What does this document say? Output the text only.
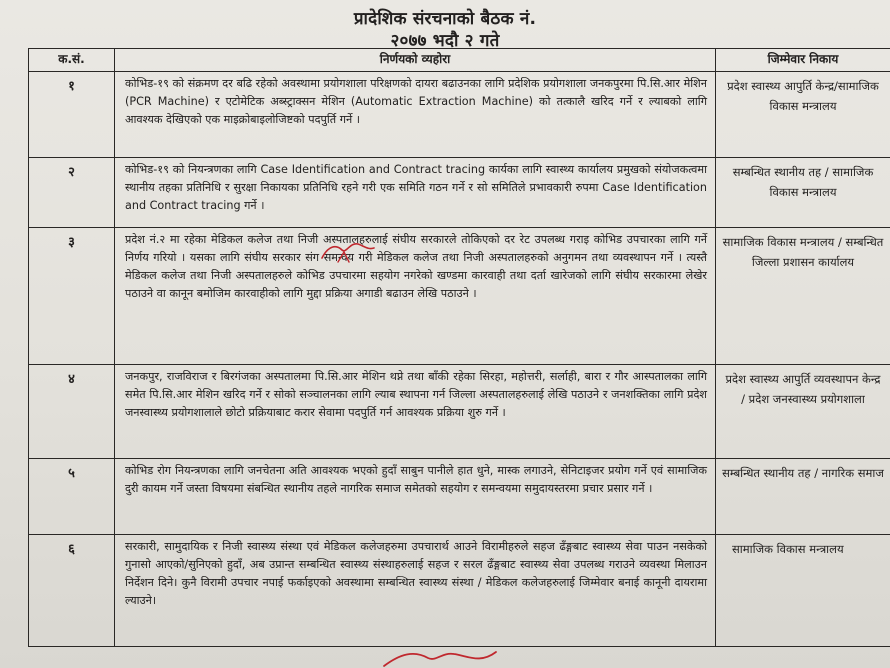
प्रादेशिक संरचनाको बैठक नं.
२०७७ भदौ २ गते
क.सं.	निर्णयको व्यहोरा	जिम्मेवार निकाय
१	कोभिड-१९ को संक्रमण दर बढि रहेको अवस्थामा प्रयोगशाला परिक्षणको दायरा बढाउनका लागि प्रदेशिक प्रयोगशाला जनकपुरमा पि.सि.आर मेशिन (PCR Machine) र एटोमेटिक अब्स्ट्राक्सन मेशिन (Automatic Extraction Machine) को तत्कालै खरिद गर्ने र ल्याबको लागि आवश्यक देखिएको एक माइक्रोबाइलोजिष्टको पदपुर्ति गर्ने ।	प्रदेश स्वास्थ्य आपुर्ति केन्द्र/सामाजिक विकास मन्त्रालय
२	कोभिड-१९ को नियन्त्रणका लागि Case Identification and Contract tracing कार्यका लागि स्वास्थ्य कार्यालय प्रमुखको संयोजकत्वमा स्थानीय तहका प्रतिनिधि र सुरक्षा निकायका प्रतिनिधि रहने गरी एक समिति गठन गर्ने र सो समितिले प्रभावकारी रुपमा Case Identification and Contract tracing गर्ने ।	सम्बन्धित स्थानीय तह / सामाजिक विकास मन्त्रालय
३	प्रदेश नं.२ मा रहेका मेडिकल कलेज तथा निजी अस्पतालहरुलाई संघीय सरकारले तोकिएको दर रेट उपलब्ध गराइ कोभिड उपचारका लागि गर्ने निर्णय गरियो । यसका लागि संघीय सरकार संग समन्वय गरी मेडिकल कलेज तथा निजी अस्पतालहरुको अनुगमन तथा व्यवस्थापन गर्ने । त्यस्तै मेडिकल कलेज तथा निजी अस्पतालहरुले कोभिड उपचारमा सहयोग नगरेको खण्डमा कारवाही तथा दर्ता खारेजको लागि संघीय सरकारमा लेखेर पठाउने वा कानून बमोजिम कारवाहीको लागि मुद्दा प्रक्रिया अगाडी बढाउन लेखि पठाउने ।	सामाजिक विकास मन्त्रालय / सम्बन्धित जिल्ला प्रशासन कार्यालय
४	जनकपुर, राजविराज र बिरगंजका अस्पतालमा पि.सि.आर मेशिन थप्ने तथा बाँकी रहेका सिरहा, महोत्तरी, सर्लाही, बारा र गौर आस्पतालका लागि समेत पि.सि.आर मेशिन खरिद गर्ने र सोको सञ्चालनका लागि ल्याब स्थापना गर्न जिल्ला अस्पतालहरुलाई लेखि पठाउने र जनशक्तिका लागि प्रदेश जनस्वास्थ्य प्रयोगशालाले छोटो प्रक्रियाबाट करार सेवामा पदपुर्ति गर्न आवश्यक प्रक्रिया शुरु गर्ने ।	प्रदेश स्वास्थ्य आपुर्ति व्यवस्थापन केन्द्र / प्रदेश जनस्वास्थ्य प्रयोगशाला
५	कोभिड रोग नियन्त्रणका लागि जनचेतना अति आवश्यक भएको हुदाँ साबुन पानीले हात धुने, मास्क लगाउने, सेनिटाइजर प्रयोग गर्ने एवं सामाजिक दुरी कायम गर्ने जस्ता विषयमा संबन्धित स्थानीय तहले नागरिक समाज समेतको सहयोग र समन्वयमा समुदायस्तरमा प्रचार प्रसार गर्ने ।	सम्बन्धित स्थानीय तह / नागरिक समाज
६	सरकारी, सामुदायिक र निजी स्वास्थ्य संस्था एवं मेडिकल कलेजहरुमा उपचारार्थ आउने विरामीहरुले सहज ढँङ्गबाट स्वास्थ्य सेवा पाउन नसकेको गुनासो आएको/सुनिएको हुदाँ, अब उप्रान्त सम्बन्धित स्वास्थ्य संस्थाहरुलाई सहज र सरल ढँङ्गबाट स्वास्थ्य सेवा उपलब्ध गराउने व्यवस्था मिलाउन निर्देशन दिने। कुनै विरामी उपचार नपाई फर्काइएको अवस्थामा सम्बन्धित स्वास्थ्य संस्था / मेडिकल कलेजहरुलाई जिम्मेवार बनाई कानूनी दायरामा ल्याउने।	सामाजिक विकास मन्त्रालय
